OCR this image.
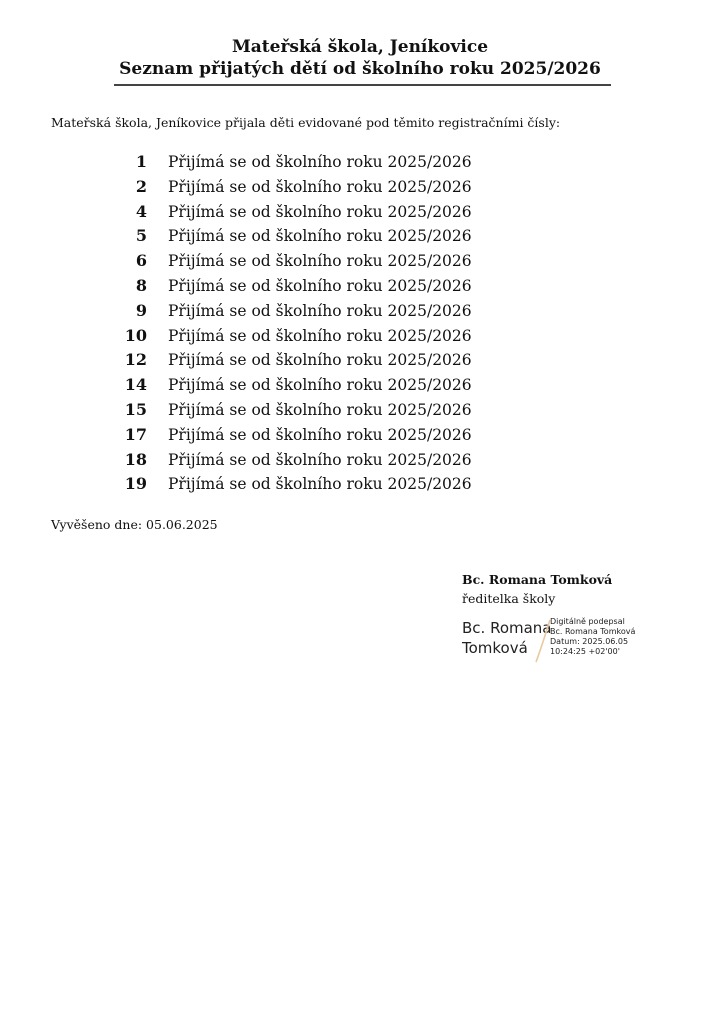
Mateřská škola, Jeníkovice

Seznam přijatých dětí od školního roku 2025/2026

Mateřská škola, Jeníkovice přijala děti evidované pod těmito registračními čísly:
1 Přijímá se od školního roku 2025/2026
2 Přijímá se od školního roku 2025/2026
4 Přijímá se od školního roku 2025/2026
5 Přijímá se od školního roku 2025/2026
6 Přijímá se od školního roku 2025/2026
8 Přijímá se od školního roku 2025/2026
9 Přijímá se od školního roku 2025/2026
10 Přijímá se od školního roku 2025/2026
12 Přijímá se od školního roku 2025/2026
14 Přijímá se od školního roku 2025/2026
15 Přijímá se od školního roku 2025/2026
17 Přijímá se od školního roku 2025/2026
18 Přijímá se od školního roku 2025/2026
19 Přijímá se od školního roku 2025/2026
Vyvěšeno dne: 05.06.2025
Bc. Romana Tomková
ředitelka školy
Bc. Romana
Tomková
Digitálně podepsal
Bc. Romana Tomková
Datum: 2025.06.05
10:24:25 +02'00'
